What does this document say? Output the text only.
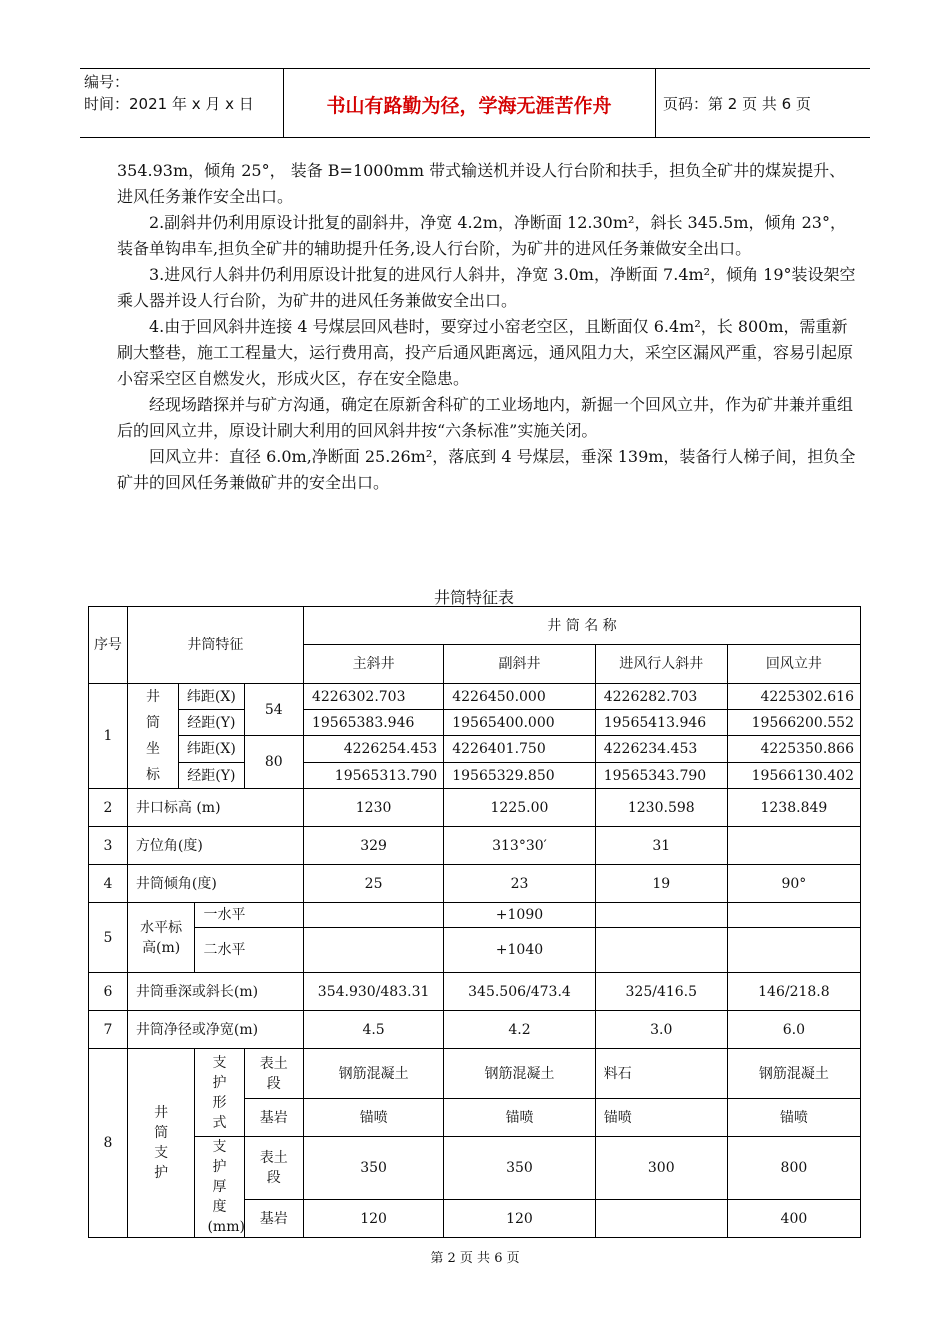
编号：
时间：2021 年 x 月 x 日	书山有路勤为径，学海无涯苦作舟	页码：第 2 页 共 6 页

354.93m，倾角 25°， 装备 B=1000mm 带式输送机并设人行台阶和扶手，担负全矿井的煤炭提升、进风任务兼作安全出口。

2.副斜井仍利用原设计批复的副斜井，净宽 4.2m，净断面 12.30m²，斜长 345.5m，倾角 23°，装备单钩串车,担负全矿井的辅助提升任务,设人行台阶，为矿井的进风任务兼做安全出口。

3.进风行人斜井仍利用原设计批复的进风行人斜井，净宽 3.0m，净断面 7.4m²，倾角 19°装设架空乘人器并设人行台阶，为矿井的进风任务兼做安全出口。

4.由于回风斜井连接 4 号煤层回风巷时，要穿过小窑老空区，且断面仅 6.4m²，长 800m，需重新刷大整巷，施工工程量大，运行费用高，投产后通风距离远，通风阻力大，采空区漏风严重，容易引起原小窑采空区自燃发火，形成火区，存在安全隐患。

经现场踏探并与矿方沟通，确定在原新舍科矿的工业场地内，新掘一个回风立井，作为矿井兼并重组后的回风立井，原设计刷大利用的回风斜井按“六条标准”实施关闭。

回风立井：直径 6.0m,净断面 25.26m²，落底到 4 号煤层，垂深 139m，装备行人梯子间，担负全矿井的回风任务兼做矿井的安全出口。

井筒特征表
序号	井筒特征				井 筒 名 称			
					主斜井	副斜井	进风行人斜井	回风立井
1	井筒坐标	纬距(X)		54	4226302.703	4226450.000	4226282.703	4225302.616
		经距(Y)			19565383.946	19565400.000	19565413.946	19566200.552
		纬距(X)		80	4226254.453	4226401.750	4226234.453	4225350.866
		经距(Y)			19565313.790	19565329.850	19565343.790	19566130.402
2	井口标高 (m)				1230	1225.00	1230.598	1238.849
3	方位角(度)				329	313°30′	31	
4	井筒倾角(度)				25	23	19	90°
5	水平标高(m)		一水平			+1090		
			二水平			+1040		
6	井筒垂深或斜长(m)				354.930/483.31	345.506/473.4	325/416.5	146/218.8
7	井筒净径或净宽(m)				4.5	4.2	3.0	6.0
8	井筒支护		支护形式	表土段	钢筋混凝土	钢筋混凝土	料石	钢筋混凝土
				基岩	锚喷	锚喷	锚喷	锚喷
			支护厚度(mm)	表土段	350	350	300	800
				基岩	120	120		400
第 2 页 共 6 页
